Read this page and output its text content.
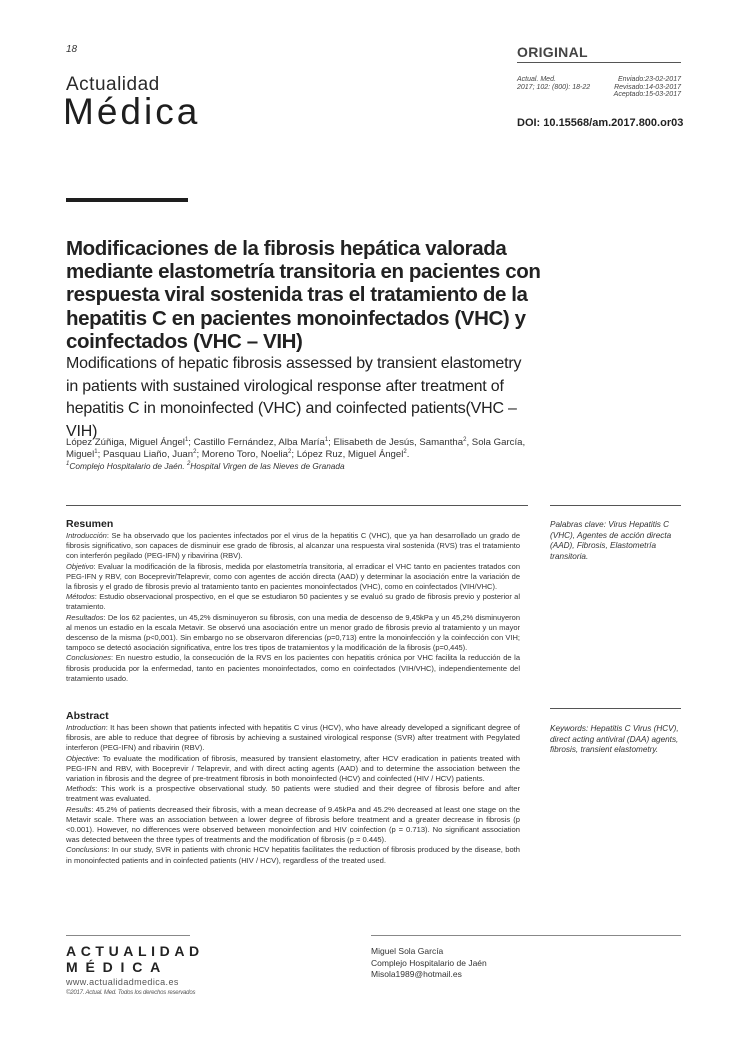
18	ORIGINAL
Actualidad
Médica
Actual. Med.
2017; 102: (800): 18-22
Enviado:23-02-2017
Revisado:14-03-2017
Aceptado:15-03-2017
DOI: 10.15568/am.2017.800.or03
Modificaciones de la fibrosis hepática valorada mediante elastometría transitoria en pacientes con respuesta viral sostenida tras el tratamiento de la hepatitis C en pacientes monoinfectados (VHC) y coinfectados (VHC – VIH)
Modifications of hepatic fibrosis assessed by transient elastometry in patients with sustained virological response after treatment of hepatitis C in monoinfected (VHC) and coinfected patients(VHC – VIH)
López Zúñiga, Miguel Ángel$^1$; Castillo Fernández, Alba María$^1$; Elisabeth de Jesús, Samantha$^2$, Sola García, Miguel$^1$; Pasquau Liaño, Juan$^2$; Moreno Toro, Noelia$^2$; López Ruz, Miguel Ángel$^2$.
$^1$Complejo Hospitalario de Jaén. $^2$Hospital Virgen de las Nieves de Granada
Resumen

Introducción: Se ha observado que los pacientes infectados por el virus de la hepatitis C (VHC), que ya han desarrollado un grado de fibrosis significativo, son capaces de disminuir ese grado de fibrosis, al alcanzar una respuesta viral sostenida (RVS) tras el tratamiento con interferón pegilado (PEG-IFN) y ribavirina (RBV).

Objetivo: Evaluar la modificación de la fibrosis, medida por elastometría transitoria, al erradicar el VHC tanto en pacientes tratados con PEG-IFN y RBV, con Boceprevir/Telaprevir, como con agentes de acción directa (AAD) y determinar la asociación entre la variación de la fibrosis y el grado de fibrosis previo al tratamiento tanto en pacientes monoinfectados (VHC), como en coinfectados (VIH/VHC).

Métodos: Estudio observacional prospectivo, en el que se estudiaron 50 pacientes y se evaluó su grado de fibrosis previo y posterior al tratamiento.

Resultados: De los 62 pacientes, un 45,2% disminuyeron su fibrosis, con una media de descenso de 9,45kPa y un 45,2% disminuyeron al menos un estadio en la escala Metavir. Se observó una asociación entre un menor grado de fibrosis previo al tratamiento y un mayor descenso de la misma (p<0,001). Sin embargo no se observaron diferencias (p=0,713) entre la monoinfección y la coinfección con VIH; tampoco se detectó asociación significativa, entre los tres tipos de tratamientos y la modificación de la fibrosis (p=0,445).

Conclusiones: En nuestro estudio, la consecución de la RVS en los pacientes con hepatitis crónica por VHC facilita la reducción de la fibrosis producida por la enfermedad, tanto en pacientes monoinfectados, como en coinfectados (VIH/VHC), independientemente del tratamiento usado.

Palabras clave: Virus Hepatitis C (VHC), Agentes de acción directa (AAD), Fibrosis, Elastometría transitoria.
Abstract

Introduction: It has been shown that patients infected with hepatitis C virus (HCV), who have already developed a significant degree of fibrosis, are able to reduce that degree of fibrosis by achieving a sustained virological response (SVR) after treatment with Pegylated interferon (PEG-IFN) and ribavirin (RBV).

Objective: To evaluate the modification of fibrosis, measured by transient elastometry, after HCV eradication in patients treated with PEG-IFN and RBV, with Boceprevir / Telaprevir, and with direct acting agents (AAD) and to determine the association between the variation in fibrosis and the degree of pre-treatment fibrosis in both monoinfected (HCV) and coinfected (HIV / HCV) patients.

Methods: This work is a prospective observational study. 50 patients were studied and their degree of fibrosis before and after treatment was evaluated.

Results: 45.2% of patients decreased their fibrosis, with a mean decrease of 9.45kPa and 45.2% decreased at least one stage on the Metavir scale. There was an association between a lower degree of fibrosis before treatment and a greater decrease in fibrosis (p <0.001). However, no differences were observed between monoinfection and HIV coinfection (p = 0.713). No significant association was detected between the three types of treatments and the modification of fibrosis (p = 0.445).

Conclusions: In our study, SVR in patients with chronic HCV hepatitis facilitates the reduction of fibrosis produced by the disease, both in monoinfected patients and in coinfected patients (HIV / HCV), regardless of the treated used.

Keywords: Hepatitis C Virus (HCV), direct acting antiviral (DAA) agents, fibrosis, transient elastometry.
ACTUALIDAD
MÉDICA
www.actualidadmedica.es
©2017. Actual. Med. Todos los derechos reservados
Miguel Sola García
Complejo Hospitalario de Jaén
Misola1989@hotmail.es
